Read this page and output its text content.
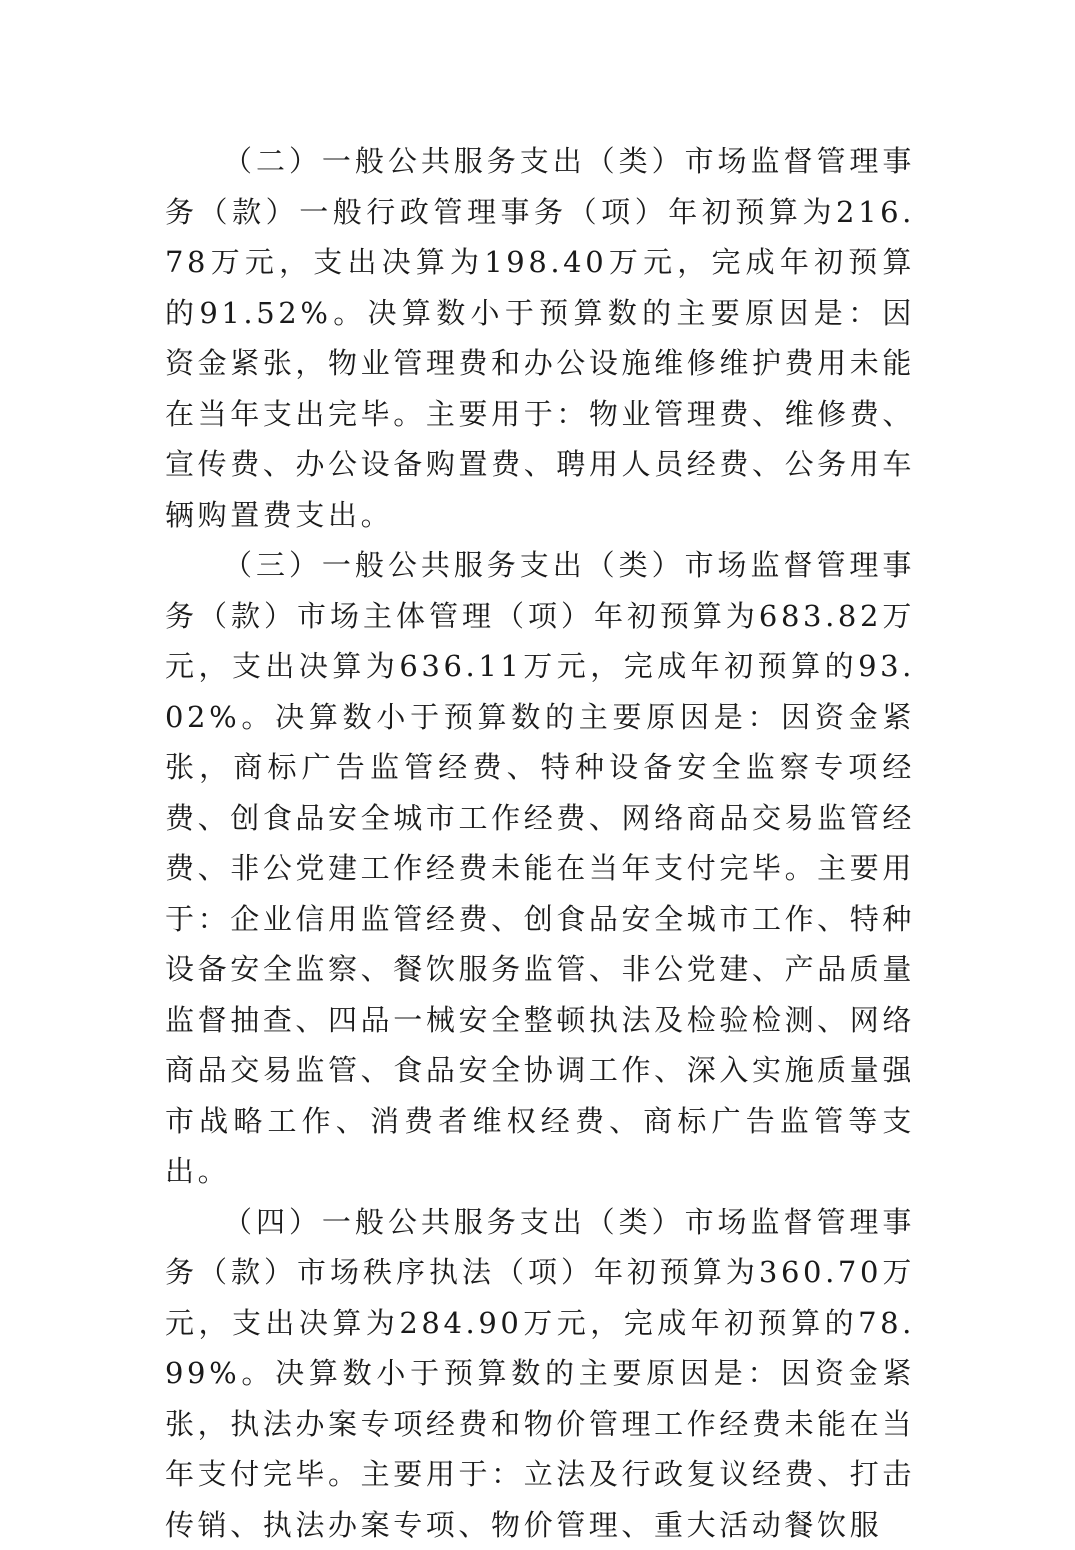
（二）一般公共服务支出（类）市场监督管理事务（款）一般行政管理事务（项）年初预算为216.78万元，支出决算为198.40万元，完成年初预算的91.52%。决算数小于预算数的主要原因是：因资金紧张，物业管理费和办公设施维修维护费用未能在当年支出完毕。主要用于：物业管理费、维修费、宣传费、办公设备购置费、聘用人员经费、公务用车辆购置费支出。

（三）一般公共服务支出（类）市场监督管理事务（款）市场主体管理（项）年初预算为683.82万元，支出决算为636.11万元，完成年初预算的93.02%。决算数小于预算数的主要原因是：因资金紧张，商标广告监管经费、特种设备安全监察专项经费、创食品安全城市工作经费、网络商品交易监管经费、非公党建工作经费未能在当年支付完毕。主要用于：企业信用监管经费、创食品安全城市工作、特种设备安全监察、餐饮服务监管、非公党建、产品质量监督抽查、四品一械安全整顿执法及检验检测、网络商品交易监管、食品安全协调工作、深入实施质量强市战略工作、消费者维权经费、商标广告监管等支出。

（四）一般公共服务支出（类）市场监督管理事务（款）市场秩序执法（项）年初预算为360.70万元，支出决算为284.90万元，完成年初预算的78.99%。决算数小于预算数的主要原因是：因资金紧张，执法办案专项经费和物价管理工作经费未能在当年支付完毕。主要用于：立法及行政复议经费、打击传销、执法办案专项、物价管理、重大活动餐饮服
